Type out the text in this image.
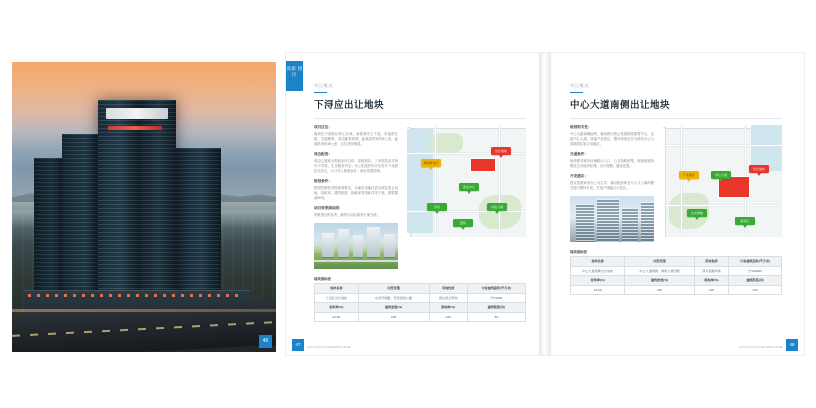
46
高新 园区
项目概况
下浔应出让地块

项目区位：

地块位于高新区核心区域，南临城市主干道，东接滨江路，交通便利，周边配套成熟，距离高铁站约8公里，距离机场约35公里，区位优势明显。

周边配套：

周边已建成大型商业综合体、星级酒店、三甲医院及多所中小学校，生活配套齐全；5公里范围内分布有多个成熟住宅社区，人口导入基础良好，商业氛围浓厚。

规划条件：

按照控制性详细规划要求，本地块用地性质为商住混合用地，容积率、建筑密度、绿地率等指标详见下表，建筑限高80米。

项目效果图说明：

效果图仅供参考，最终以实际规划方案为准。

规划居住区
出让地块
商业中心
市政公园
学校
医院
地块指标表
地块名称	四至范围	用地性质	计容建筑面积(平方米)
下浔应出让地块	东至环城路、西至滨波公路	商住混合用地	约72000
容积率(%)	建筑密度(%)	绿地率(%)	建筑限高(米)
≤2.50	≤30	≥30	80
HIGH-TECH ZONE BROCHURE
47
项目概况
中心大道南侧出让地块

规划相关性：

中心大道南侧地块，属高新区核心发展轴线重要节点，北临中心大道，西接产业园区，整体规划定位为商务办公与高端居住复合功能区。

交通条件：

地块紧邻城市快速路出入口，公交线路密集，规划地铁线路经过本地块东侧，出行便捷，通达性强。

开发建议：

建议按照商务办公为主导、辅以配套商业与人才公寓的模式进行整体开发，打造产城融合示范区。

产业园区
出让地块
中心大道
生态绿轴
商务区
地块指标表
地块名称	四至范围	用地性质	计容建筑面积(平方米)
中心大道南侧出让地块	中心大道南侧、城南大道西侧	商务金融用地	约126000
容积率(%)	建筑密度(%)	绿地率(%)	建筑限高(米)
≤3.00	≤35	≥25	100
HIGH-TECH ZONE BROCHURE	48
